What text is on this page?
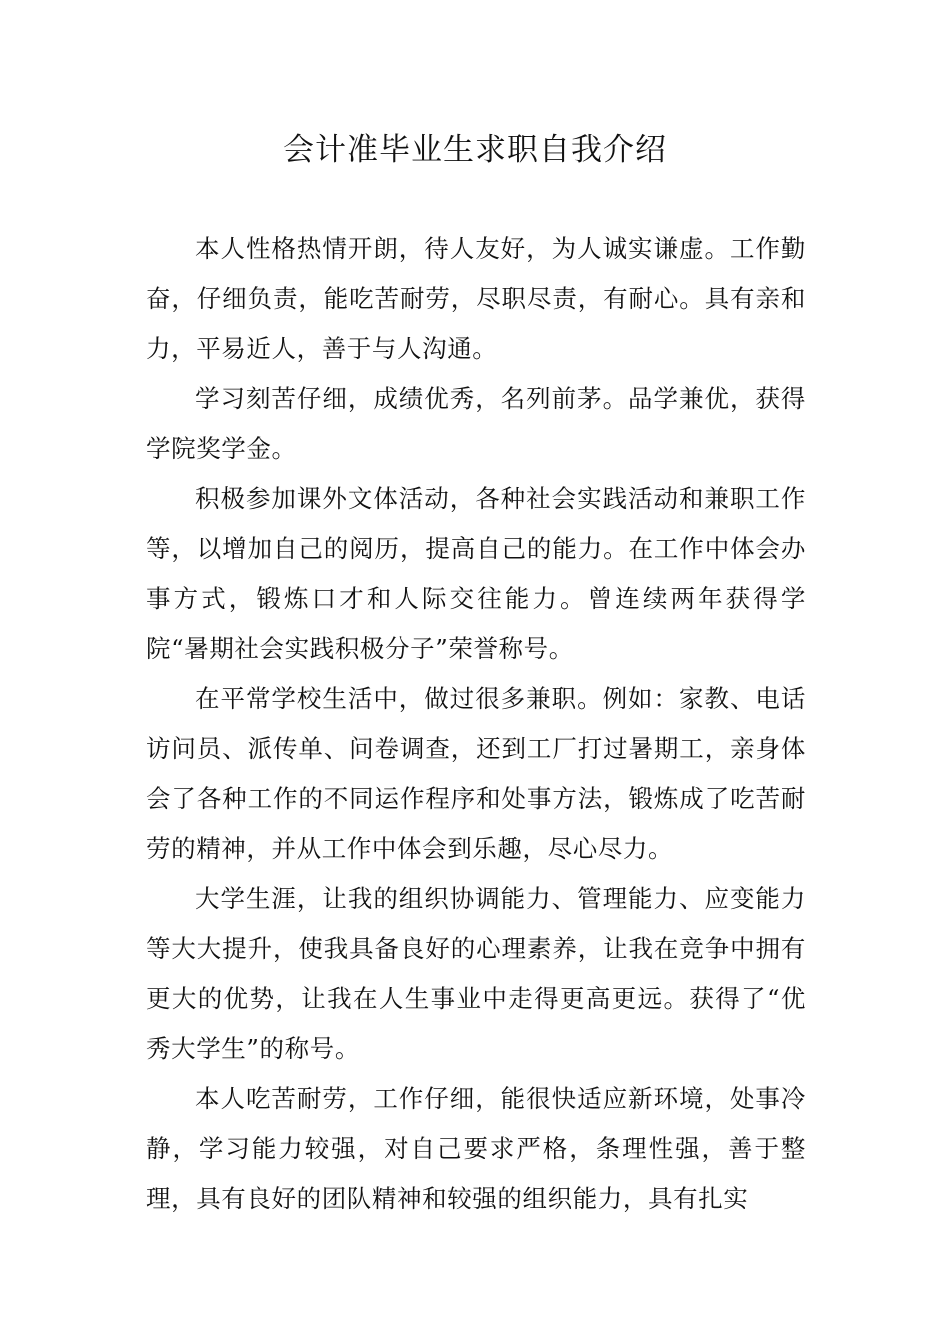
会计准毕业生求职自我介绍

本人性格热情开朗，待人友好，为人诚实谦虚。工作勤奋，仔细负责，能吃苦耐劳，尽职尽责，有耐心。具有亲和力，平易近人，善于与人沟通。

学习刻苦仔细，成绩优秀，名列前茅。品学兼优，获得学院奖学金。

积极参加课外文体活动，各种社会实践活动和兼职工作等，以增加自己的阅历，提高自己的能力。在工作中体会办事方式，锻炼口才和人际交往能力。曾连续两年获得学院“暑期社会实践积极分子”荣誉称号。

在平常学校生活中，做过很多兼职。例如：家教、电话访问员、派传单、问卷调查，还到工厂打过暑期工，亲身体会了各种工作的不同运作程序和处事方法，锻炼成了吃苦耐劳的精神，并从工作中体会到乐趣，尽心尽力。

大学生涯，让我的组织协调能力、管理能力、应变能力等大大提升，使我具备良好的心理素养，让我在竞争中拥有更大的优势，让我在人生事业中走得更高更远。获得了“优秀大学生”的称号。

本人吃苦耐劳，工作仔细，能很快适应新环境，处事冷静，学习能力较强，对自己要求严格，条理性强，善于整理，具有良好的团队精神和较强的组织能力，具有扎实
